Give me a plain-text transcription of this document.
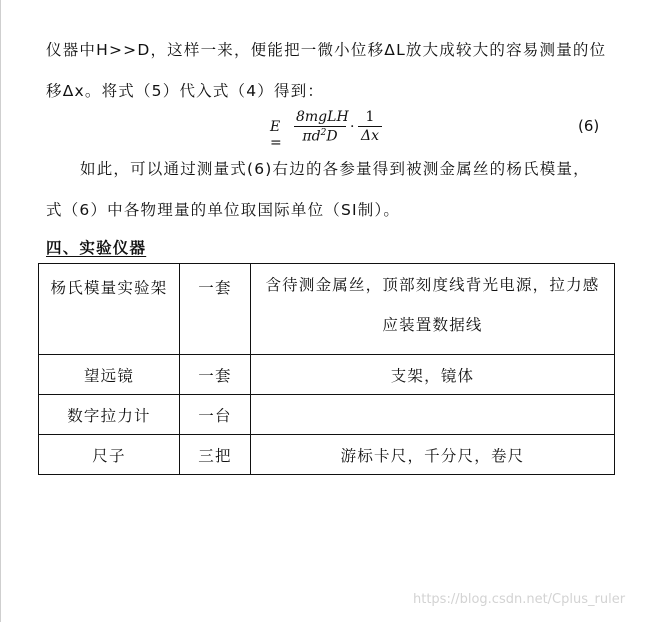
仪器中H>>D，这样一来，便能把一微小位移ΔL放大成较大的容易测量的位
移Δx。将式（5）代入式（4）得到：
E =
8mgLH
$\pi d^2D$
·
1
Δx
(6)
如此，可以通过测量式(6)右边的各参量得到被测金属丝的杨氏模量，
式（6）中各物理量的单位取国际单位（SI制）。
四、实验仪器
杨氏模量实验架	一套	含待测金属丝，顶部刻度线背光电源，拉力感
应装置数据线

望远镜	一套	支架，镜体
数字拉力计	一台	
尺子	三把	游标卡尺，千分尺，卷尺
https://blog.csdn.net/Cplus_ruler
